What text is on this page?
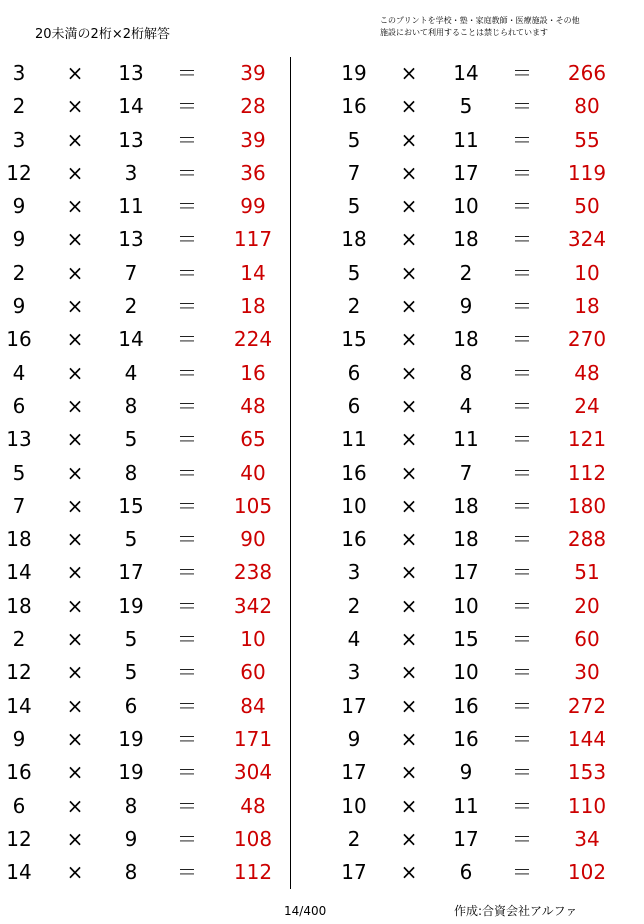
20未満の2桁×2桁解答
このプリントを学校・塾・家庭教師・医療施設・その他
施設において利用することは禁じられています
3	×	13	＝	39
2	×	14	＝	28
3	×	13	＝	39
12	×	3	＝	36
9	×	11	＝	99
9	×	13	＝	117
2	×	7	＝	14
9	×	2	＝	18
16	×	14	＝	224
4	×	4	＝	16
6	×	8	＝	48
13	×	5	＝	65
5	×	8	＝	40
7	×	15	＝	105
18	×	5	＝	90
14	×	17	＝	238
18	×	19	＝	342
2	×	5	＝	10
12	×	5	＝	60
14	×	6	＝	84
9	×	19	＝	171
16	×	19	＝	304
6	×	8	＝	48
12	×	9	＝	108
14	×	8	＝	112
19	×	14	＝	266
16	×	5	＝	80
5	×	11	＝	55
7	×	17	＝	119
5	×	10	＝	50
18	×	18	＝	324
5	×	2	＝	10
2	×	9	＝	18
15	×	18	＝	270
6	×	8	＝	48
6	×	4	＝	24
11	×	11	＝	121
16	×	7	＝	112
10	×	18	＝	180
16	×	18	＝	288
3	×	17	＝	51
2	×	10	＝	20
4	×	15	＝	60
3	×	10	＝	30
17	×	16	＝	272
9	×	16	＝	144
17	×	9	＝	153
10	×	11	＝	110
2	×	17	＝	34
17	×	6	＝	102
14/400	作成:合資会社アルファ
